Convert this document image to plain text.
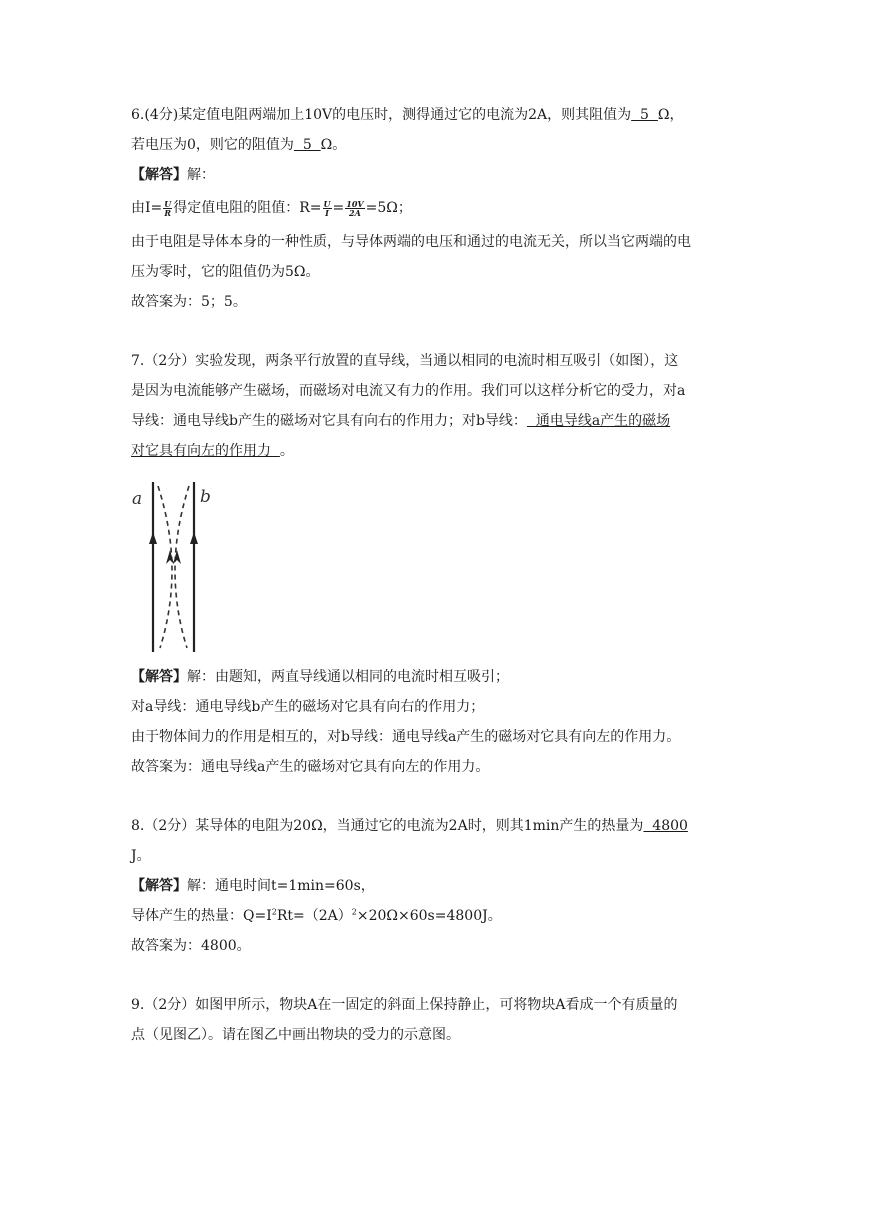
6.(4分)某定值电阻两端加上10V的电压时，测得通过它的电流为2A，则其阻值为  5  Ω，
若电压为0，则它的阻值为  5  Ω。
【解答】解：
由$I= \frac{U}{R}$ 得定值电阻的阻值：$R= \frac{U}{I} = \frac{10V}{2A} =5\Omega$；
由于电阻是导体本身的一种性质，与导体两端的电压和通过的电流无关，所以当它两端的电
压为零时，它的阻值仍为5Ω。
故答案为：5；5。
7.（2分）实验发现，两条平行放置的直导线，当通以相同的电流时相互吸引（如图），这
是因为电流能够产生磁场，而磁场对电流又有力的作用。我们可以这样分析它的受力，对a
导线：通电导线b产生的磁场对它具有向右的作用力；对b导线：  通电导线a产生的磁场
对它具有向左的作用力  。
a	b
【解答】解：由题知，两直导线通以相同的电流时相互吸引；
对a导线：通电导线b产生的磁场对它具有向右的作用力；
由于物体间力的作用是相互的，对b导线：通电导线a产生的磁场对它具有向左的作用力。
故答案为：通电导线a产生的磁场对它具有向左的作用力。
8.（2分）某导体的电阻为20Ω，当通过它的电流为2A时，则其1min产生的热量为  4800
J。
【解答】解：通电时间t=1min=60s，
导体产生的热量：$Q=I^2Rt=(2A)^2\times 20\Omega\times 60s=4800J$。
故答案为：4800。
9.（2分）如图甲所示，物块A在一固定的斜面上保持静止，可将物块A看成一个有质量的
点（见图乙）。请在图乙中画出物块的受力的示意图。
